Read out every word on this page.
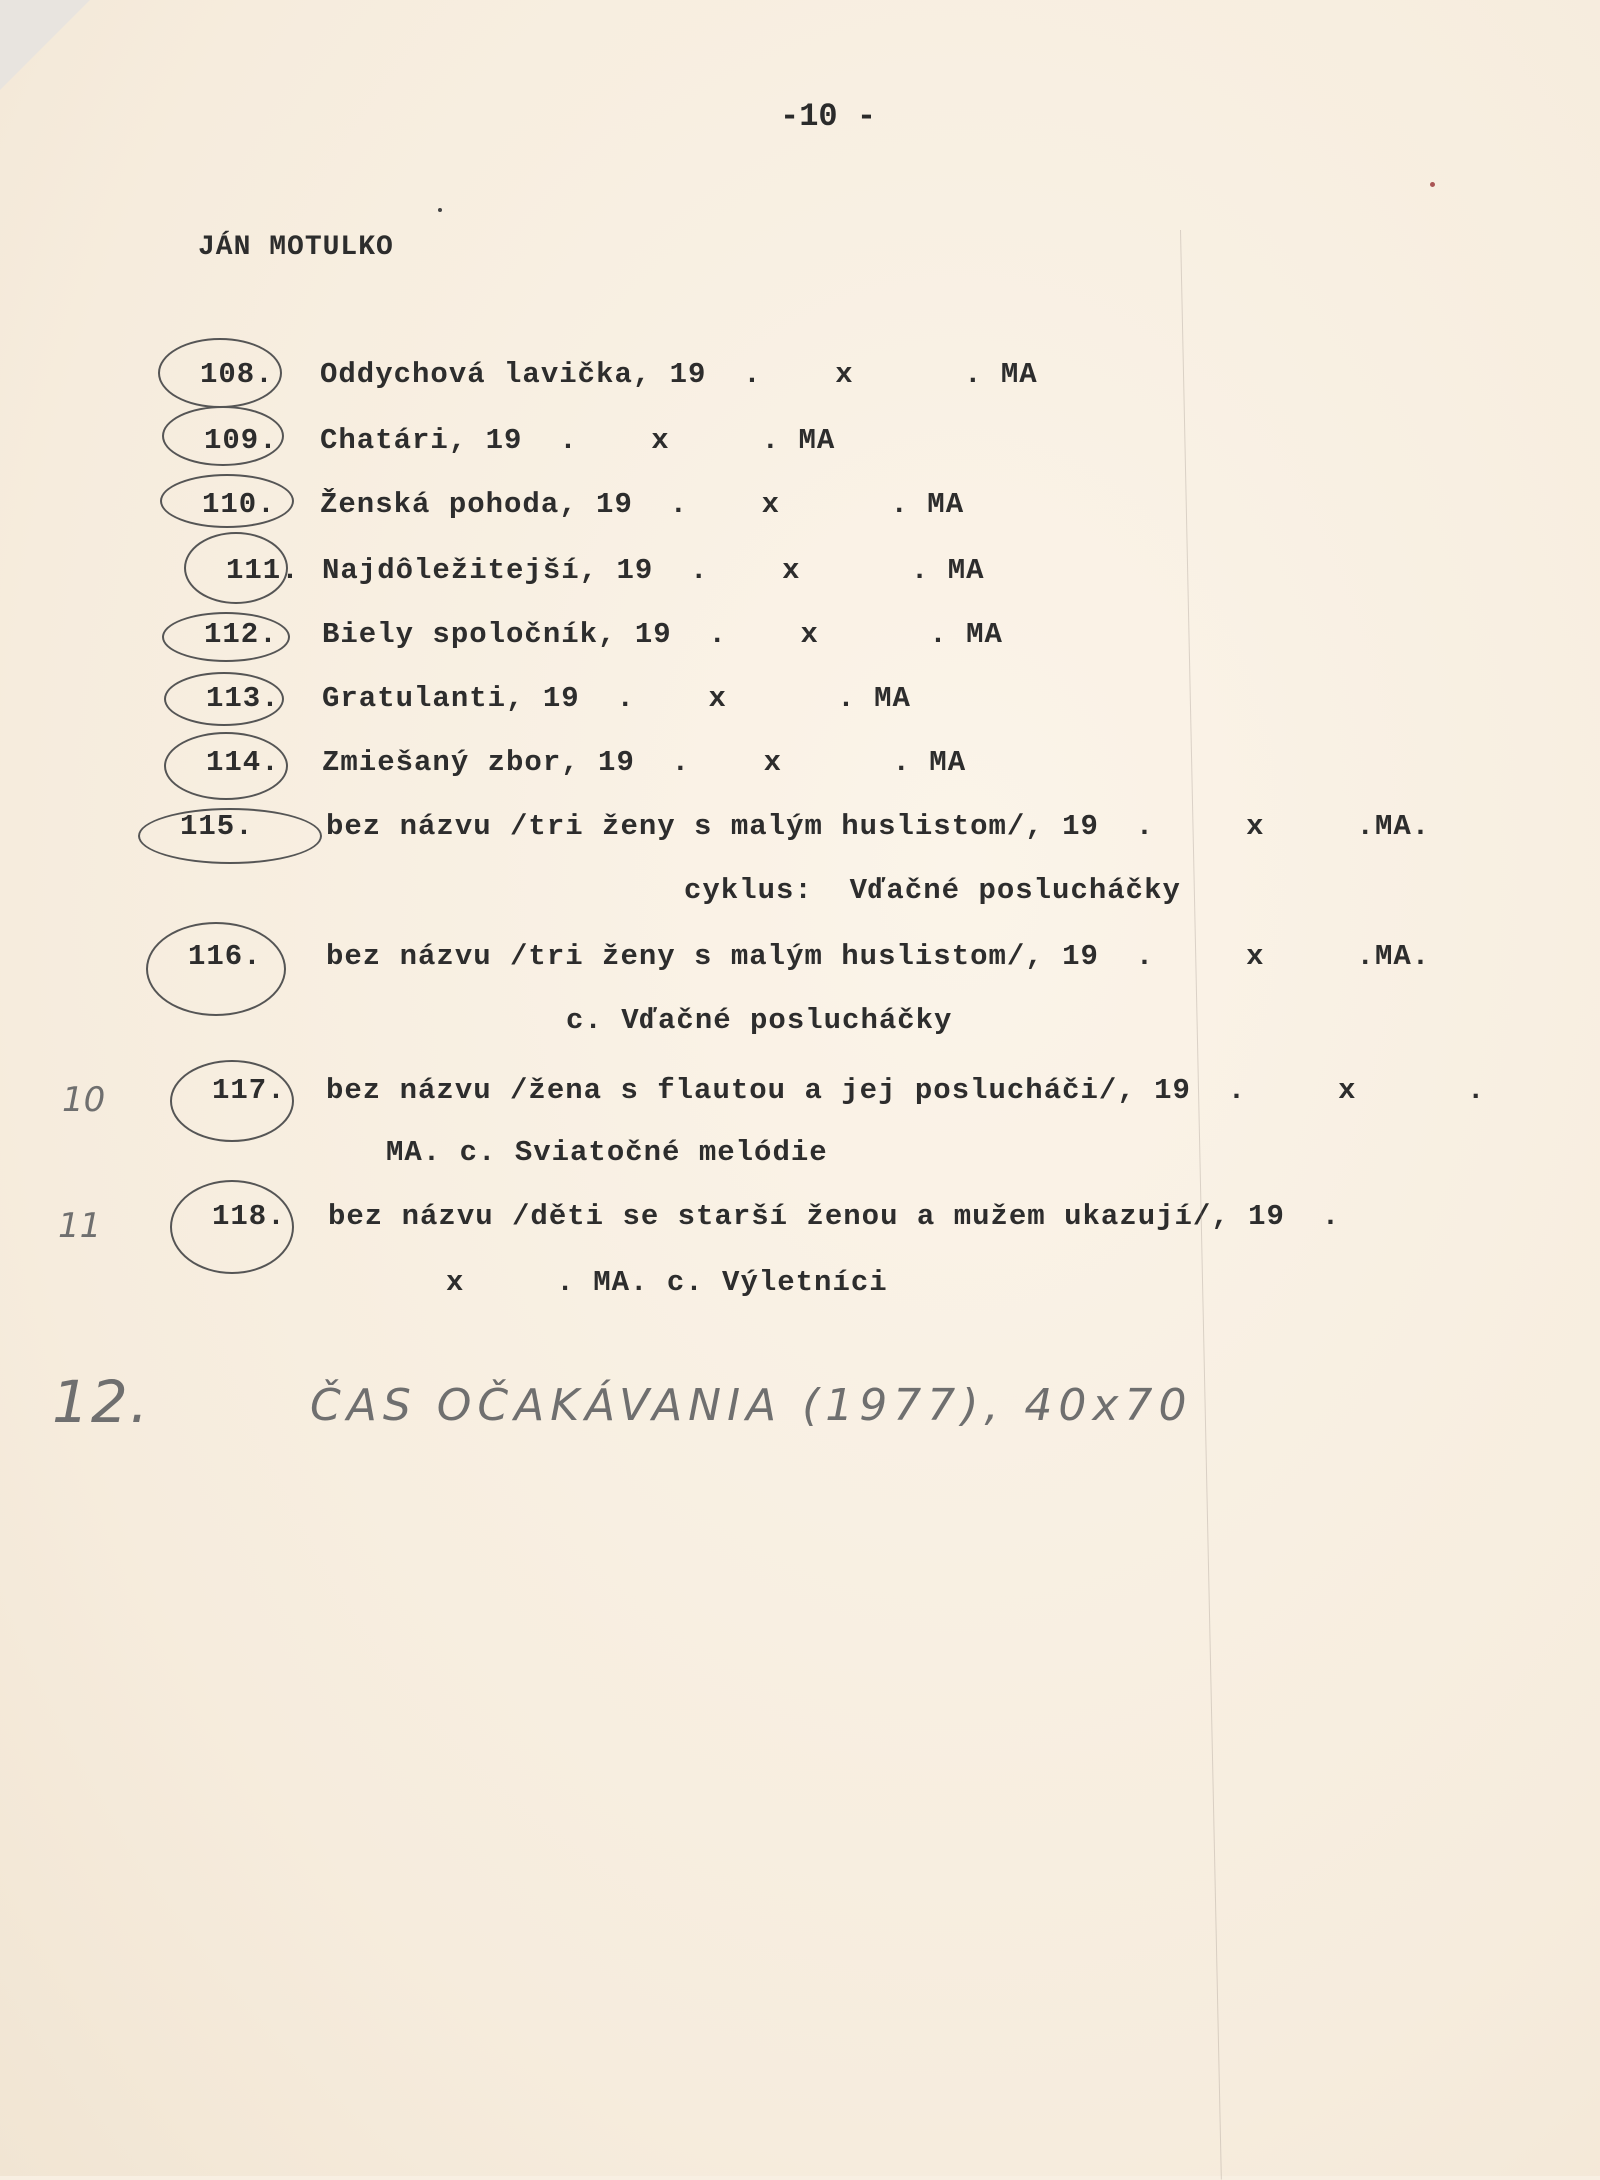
-10 -
JÁN MOTULKO
108. Oddychová lavička, 19  .    x      . MA
109. Chatári, 19  .    x     . MA
110. Ženská pohoda, 19  .    x      . MA
111. Najdôležitejší, 19  .    x      . MA
112. Biely spoločník, 19  .    x      . MA
113. Gratulanti, 19  .    x      . MA
114. Zmiešaný zbor, 19  .    x      . MA
115. bez názvu /tri ženy s malým huslistom/, 19  .     x     .MA.
cyklus:  Vďačné poslucháčky
116. bez názvu /tri ženy s malým huslistom/, 19  .     x     .MA.
c. Vďačné poslucháčky
117. bez názvu /žena s flautou a jej poslucháči/, 19  .     x      .
MA. c. Sviatočné melódie
118. bez názvu /děti se starší ženou a mužem ukazují/, 19  .
x     . MA. c. Výletníci
10
11
12.	ČAS OČAKÁVANIA (1977), 40x70
